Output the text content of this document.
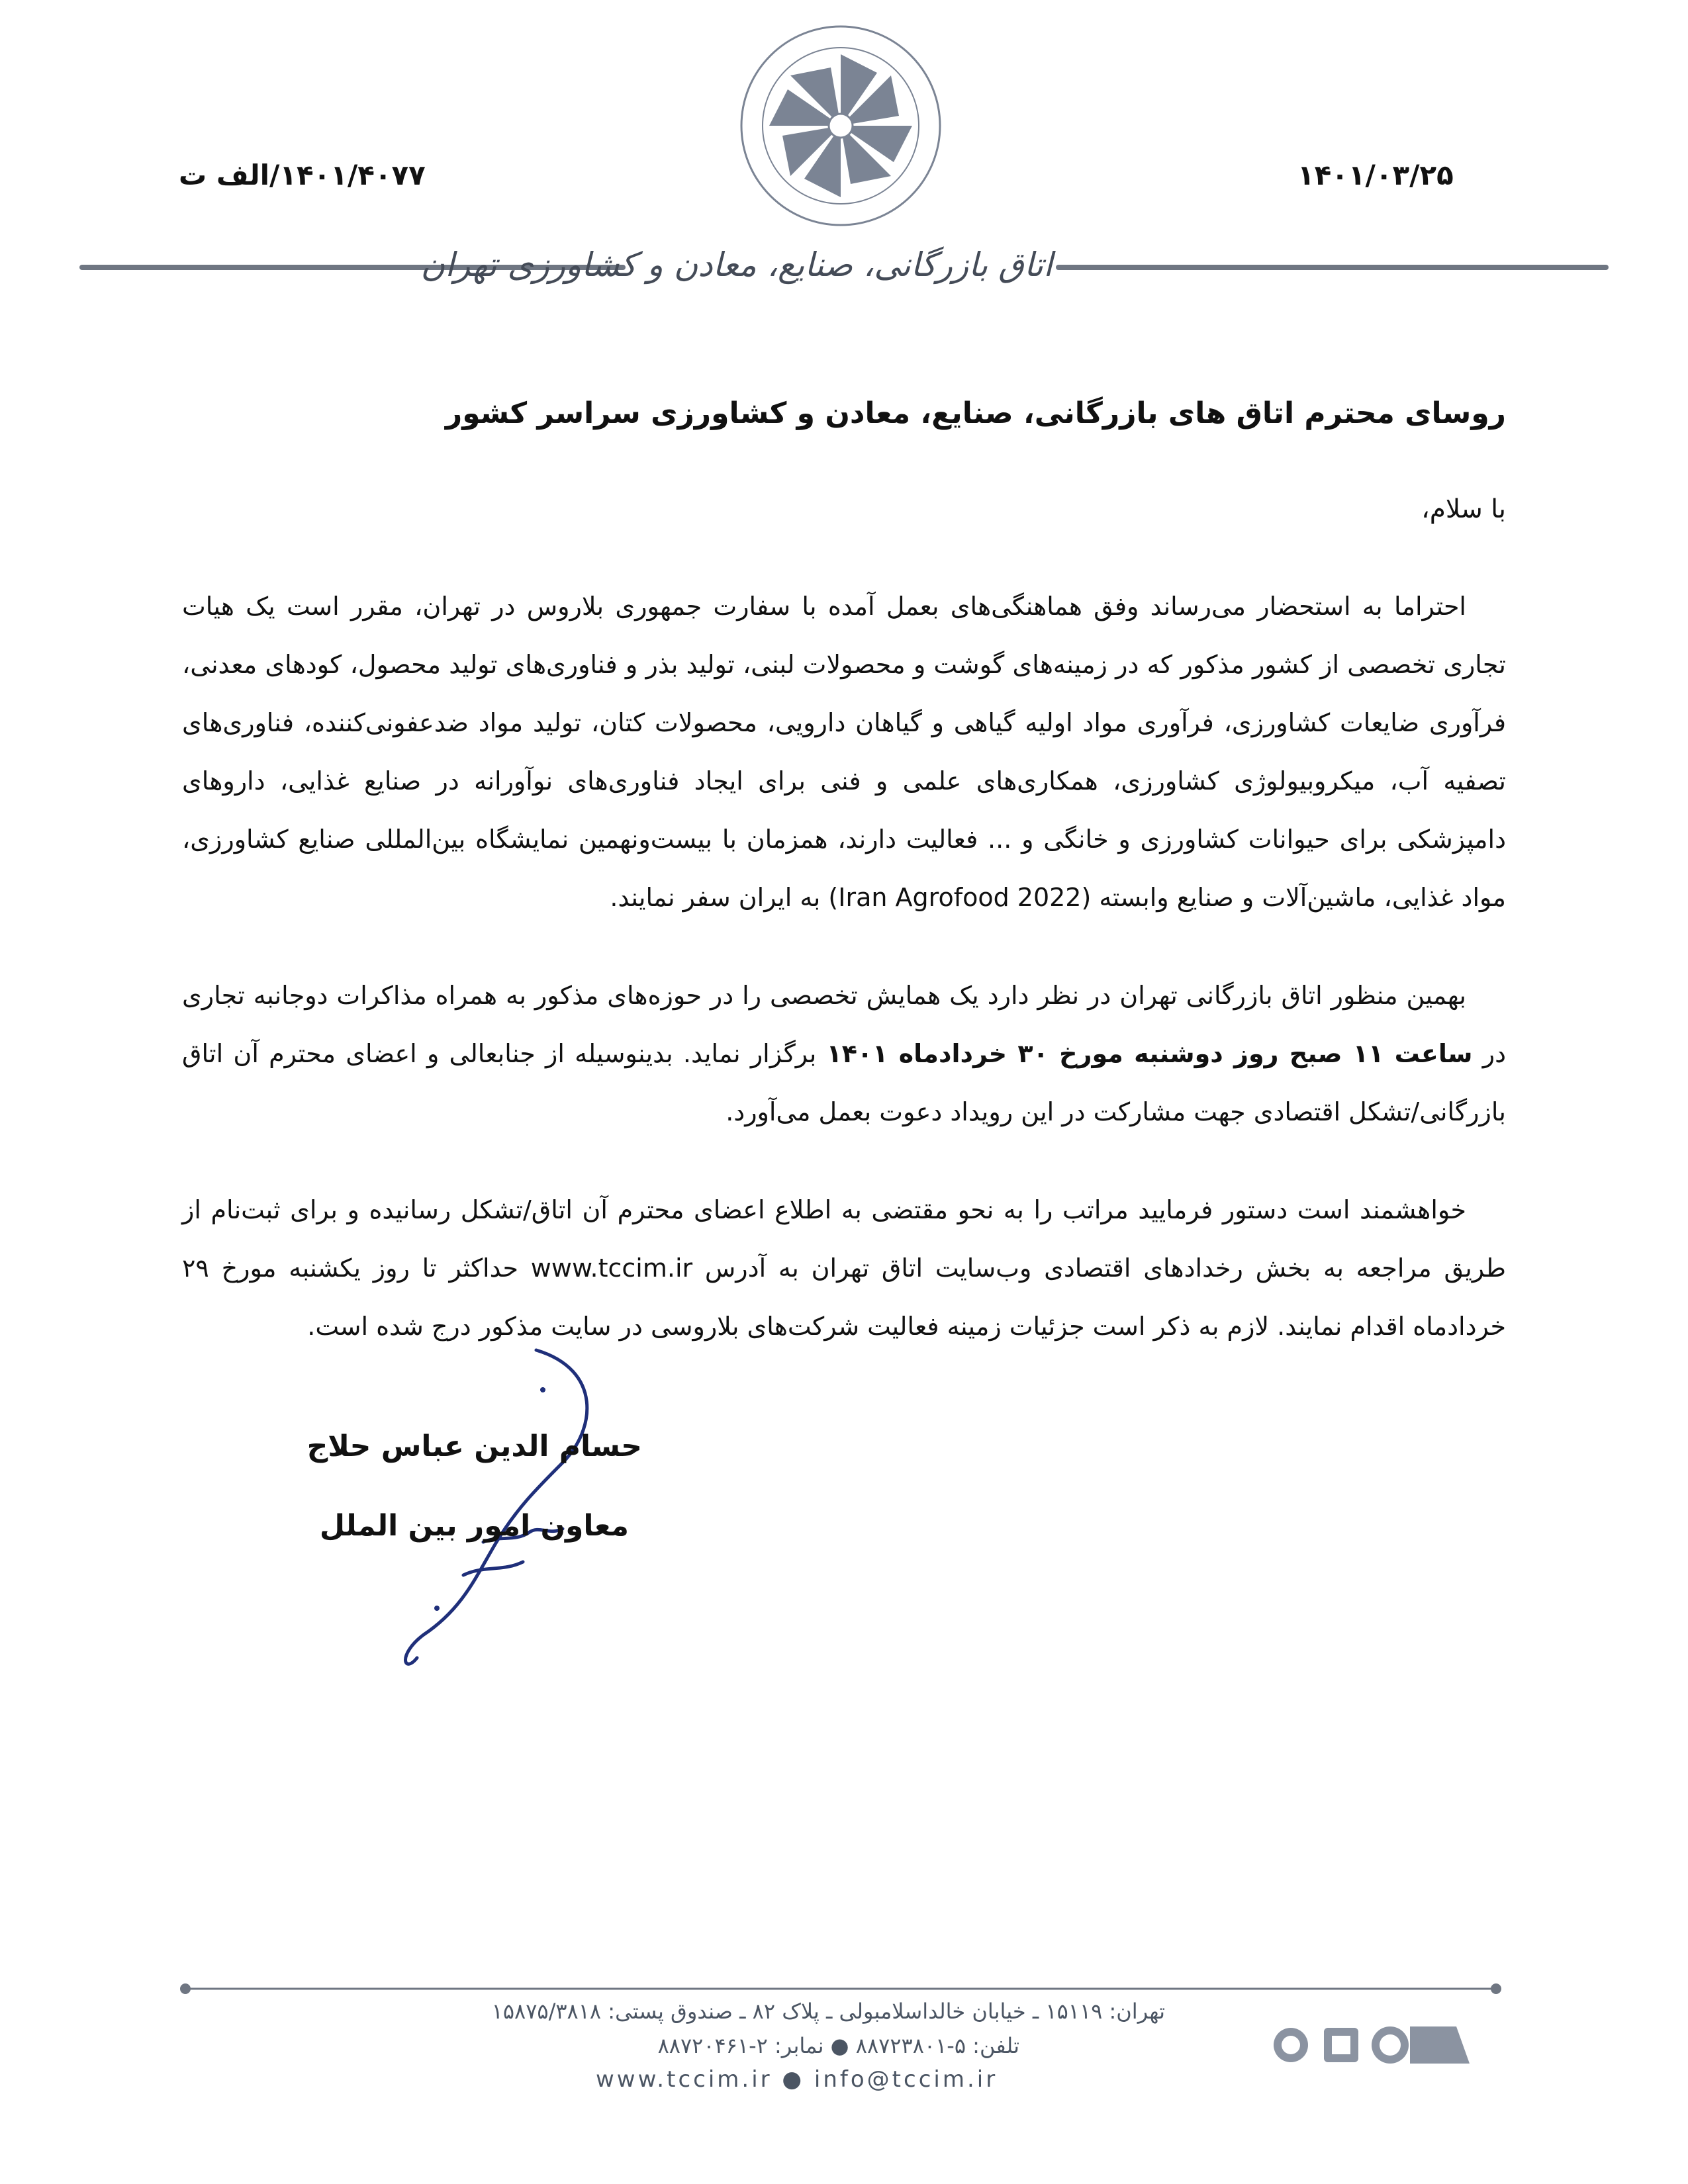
۱۴۰۱/۴۰۷۷/الف ت	۱۴۰۱/۰۳/۲۵
اتاق بازرگانی، صنایع، معادن و کشاورزی تهران

روسای محترم اتاق های بازرگانی، صنایع، معادن و کشاورزی سراسر کشور

با سلام،

احتراما به استحضار می‌رساند وفق هماهنگی‌های بعمل آمده با سفارت جمهوری بلاروس در تهران، مقرر است یک هیات تجاری تخصصی از کشور مذکور که در زمینه‌های گوشت و محصولات لبنی، تولید بذر و فناوری‌های تولید محصول، کودهای معدنی، فرآوری ضایعات کشاورزی، فرآوری مواد اولیه گیاهی و گیاهان دارویی، محصولات کتان، تولید مواد ضدعفونی‌کننده، فناوری‌های تصفیه آب، میکروبیولوژی کشاورزی، همکاری‌های علمی و فنی برای ایجاد فناوری‌های نوآورانه در صنایع غذایی، داروهای دامپزشکی برای حیوانات کشاورزی و خانگی و ... فعالیت دارند، همزمان با بیست‌ونهمین نمایشگاه بین‌المللی صنایع کشاورزی، مواد غذایی، ماشین‌آلات و صنایع وابسته (Iran Agrofood 2022) به ایران سفر نمایند.

بهمین منظور اتاق بازرگانی تهران در نظر دارد یک همایش تخصصی را در حوزه‌های مذکور به همراه مذاکرات دوجانبه تجاری در ساعت ۱۱ صبح روز دوشنبه مورخ ۳۰ خردادماه ۱۴۰۱ برگزار نماید. بدینوسیله از جنابعالی و اعضای محترم آن اتاق بازرگانی/تشکل اقتصادی جهت مشارکت در این رویداد دعوت بعمل می‌آورد.

خواهشمند است دستور فرمایید مراتب را به نحو مقتضی به اطلاع اعضای محترم آن اتاق/تشکل رسانیده و برای ثبت‌نام از طریق مراجعه به بخش رخدادهای اقتصادی وب‌سایت اتاق تهران به آدرس www.tccim.ir حداکثر تا روز یکشنبه مورخ ۲۹ خردادماه اقدام نمایند. لازم به ذکر است جزئیات زمینه فعالیت شرکت‌های بلاروسی در سایت مذکور درج شده است.

حسام الدین عباس حلاج
معاون امور بین الملل
تهران: ۱۵۱۱۹ ـ خیابان خالداسلامبولی ـ پلاک ۸۲ ـ صندوق پستی: ۱۵۸۷۵/۳۸۱۸
تلفن: ۵-۸۸۷۲۳۸۰۱ ● نمابر: ۲-۸۸۷۲۰۴۶۱
www.tccim.ir ● info@tccim.ir
